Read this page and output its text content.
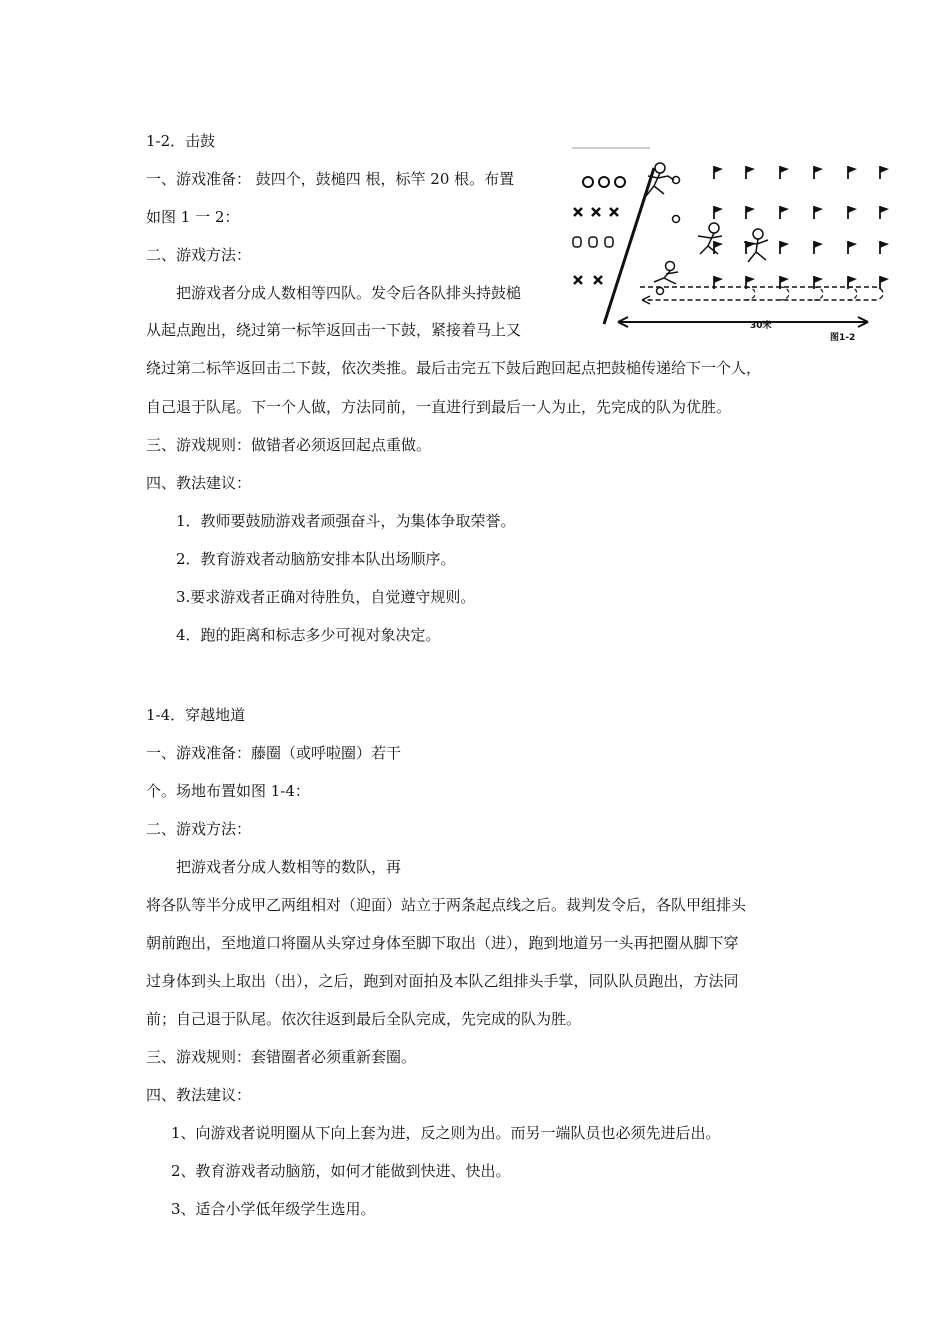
1-2．击鼓
一、游戏准备： 鼓四个，鼓槌四 根，标竿 20 根。布置
如图 1 一 2：
二、游戏方法：
把游戏者分成人数相等四队。发令后各队排头持鼓槌
从起点跑出，绕过第一标竿返回击一下鼓，紧接着马上又
绕过第二标竿返回击二下鼓，依次类推。最后击完五下鼓后跑回起点把鼓槌传递给下一个人，
自己退于队尾。下一个人做，方法同前，一直进行到最后一人为止，先完成的队为优胜。
三、游戏规则：做错者必须返回起点重做。
四、教法建议：
1．教师要鼓励游戏者顽强奋斗，为集体争取荣誉。
2．教育游戏者动脑筋安排本队出场顺序。
3.要求游戏者正确对待胜负，自觉遵守规则。
4．跑的距离和标志多少可视对象决定。
30米
图1-2
1-4．穿越地道
一、游戏准备：藤圈（或呼啦圈）若干
个。场地布置如图 1-4：
二、游戏方法：
把游戏者分成人数相等的数队，再
将各队等半分成甲乙两组相对（迎面）站立于两条起点线之后。裁判发令后，各队甲组排头
朝前跑出，至地道口将圈从头穿过身体至脚下取出（进），跑到地道另一头再把圈从脚下穿
过身体到头上取出（出），之后，跑到对面拍及本队乙组排头手掌，同队队员跑出，方法同
前；自己退于队尾。依次往返到最后全队完成，先完成的队为胜。
三、游戏规则：套错圈者必须重新套圈。
四、教法建议：
1、向游戏者说明圈从下向上套为进，反之则为出。而另一端队员也必须先进后出。
2、教育游戏者动脑筋，如何才能做到快进、快出。
3、适合小学低年级学生选用。
